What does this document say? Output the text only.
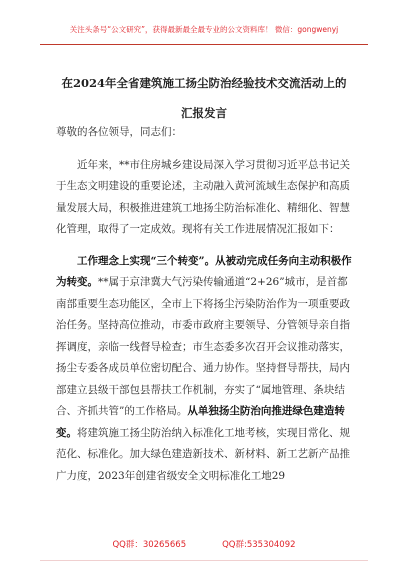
关注头条号“公文研究”，获得最新最全最专业的公文资料库！ 微信：gongwenyj
在2024年全省建筑施工扬尘防治经验技术交流活动上的汇报发言

尊敬的各位领导，同志们：

近年来，**市住房城乡建设局深入学习贯彻习近平总书记关于生态文明建设的重要论述，主动融入黄河流域生态保护和高质量发展大局，积极推进建筑工地扬尘防治标准化、精细化、智慧化管理，取得了一定成效。现将有关工作进展情况汇报如下：

工作理念上实现“三个转变”。从被动完成任务向主动积极作为转变。**属于京津冀大气污染传输通道“2+26”城市，是首都南部重要生态功能区，全市上下将扬尘污染防治作为一项重要政治任务。坚持高位推动，市委市政府主要领导、分管领导亲自指挥调度，亲临一线督导检查；市生态委多次召开会议推动落实，扬尘专委各成员单位密切配合、通力协作。坚持督导帮扶，局内部建立县级干部包县帮扶工作机制，夯实了“属地管理、条块结合、齐抓共管”的工作格局。从单独扬尘防治向推进绿色建造转变。将建筑施工扬尘防治纳入标准化工地考核，实现目常化、规范化、标准化。加大绿色建造新技术、新材料、新工艺新产品推广力度，2023年创建省级安全文明标准化工地29

QQ群：30265665	QQ群:535304092
